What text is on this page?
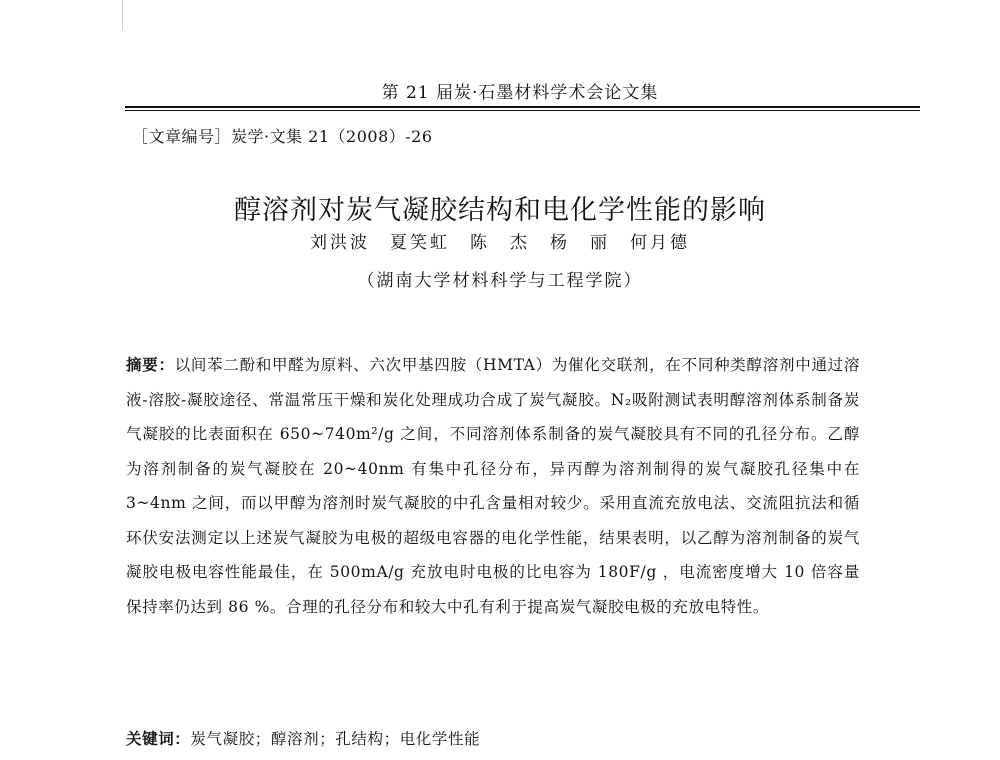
第 21 届炭·石墨材料学术会论文集
［文章编号］炭学·文集 21（2008）-26
醇溶剂对炭气凝胶结构和电化学性能的影响
刘洪波　夏笑虹　陈　杰　杨　丽　何月德
（湖南大学材料科学与工程学院）
摘要：以间苯二酚和甲醛为原料、六次甲基四胺（HMTA）为催化交联剂，在不同种类醇溶剂中通过溶液-溶胶-凝胶途径、常温常压干燥和炭化处理成功合成了炭气凝胶。N₂吸附测试表明醇溶剂体系制备炭气凝胶的比表面积在 650~740m²/g 之间，不同溶剂体系制备的炭气凝胶具有不同的孔径分布。乙醇为溶剂制备的炭气凝胶在 20~40nm 有集中孔径分布，异丙醇为溶剂制得的炭气凝胶孔径集中在 3~4nm 之间，而以甲醇为溶剂时炭气凝胶的中孔含量相对较少。采用直流充放电法、交流阻抗法和循环伏安法测定以上述炭气凝胶为电极的超级电容器的电化学性能，结果表明，以乙醇为溶剂制备的炭气凝胶电极电容性能最佳，在 500mA/g 充放电时电极的比电容为 180F/g ，电流密度增大 10 倍容量保持率仍达到 86 %。合理的孔径分布和较大中孔有利于提高炭气凝胶电极的充放电特性。
关键词：炭气凝胶；醇溶剂；孔结构；电化学性能
